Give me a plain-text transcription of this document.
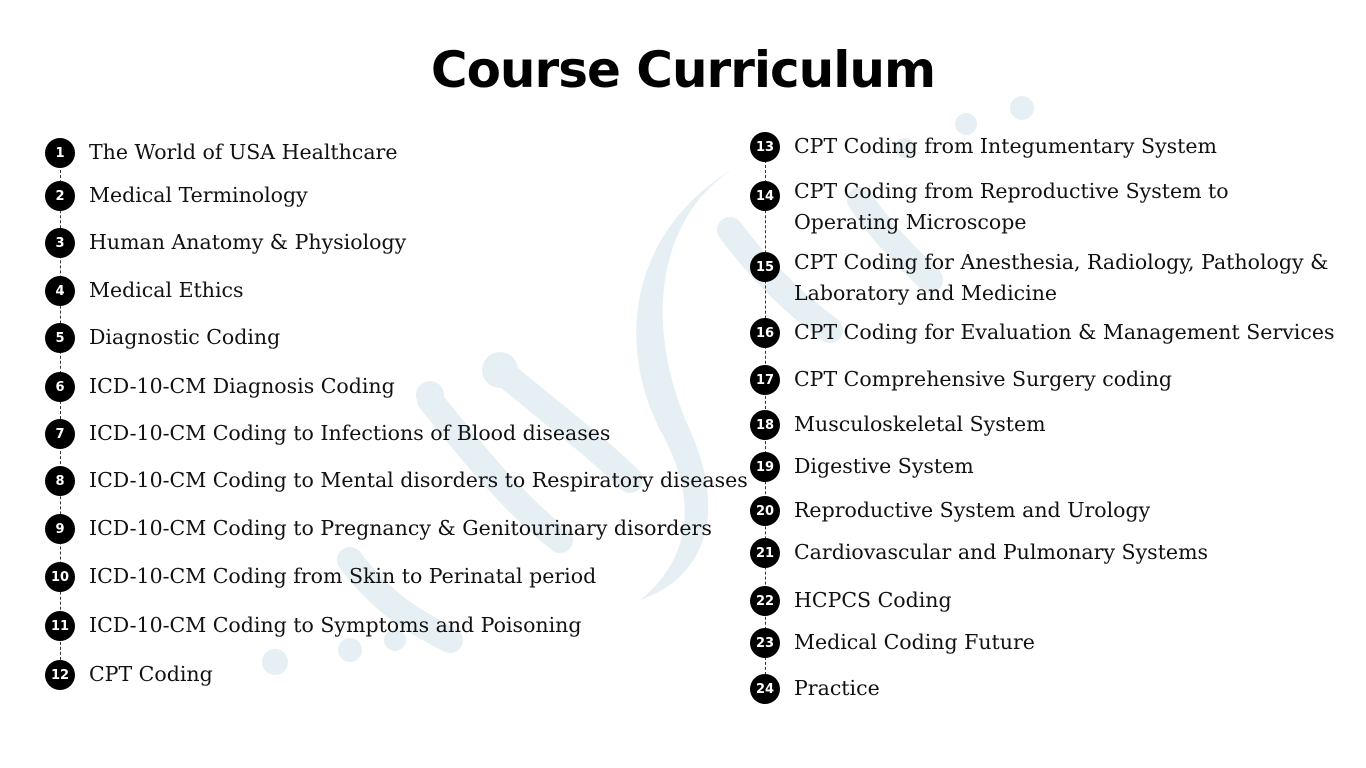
Course Curriculum
1	The World of USA Healthcare
2	Medical Terminology
3	Human Anatomy & Physiology
4	Medical Ethics
5	Diagnostic Coding
6	ICD-10-CM Diagnosis Coding
7	ICD-10-CM Coding to Infections of Blood diseases
8	ICD-10-CM Coding to Mental disorders to Respiratory diseases
9	ICD-10-CM Coding to Pregnancy & Genitourinary disorders
10 ICD-10-CM Coding from Skin to Perinatal period
11 ICD-10-CM Coding to Symptoms and Poisoning
12 CPT Coding
13 CPT Coding from Integumentary System
14 CPT Coding from Reproductive System to Operating Microscope
15 CPT Coding for Anesthesia, Radiology, Pathology & Laboratory and Medicine
16 CPT Coding for Evaluation & Management Services
17 CPT Comprehensive Surgery coding
18 Musculoskeletal System
19 Digestive System
20 Reproductive System and Urology
21 Cardiovascular and Pulmonary Systems
22 HCPCS Coding
23 Medical Coding Future
24 Practice
